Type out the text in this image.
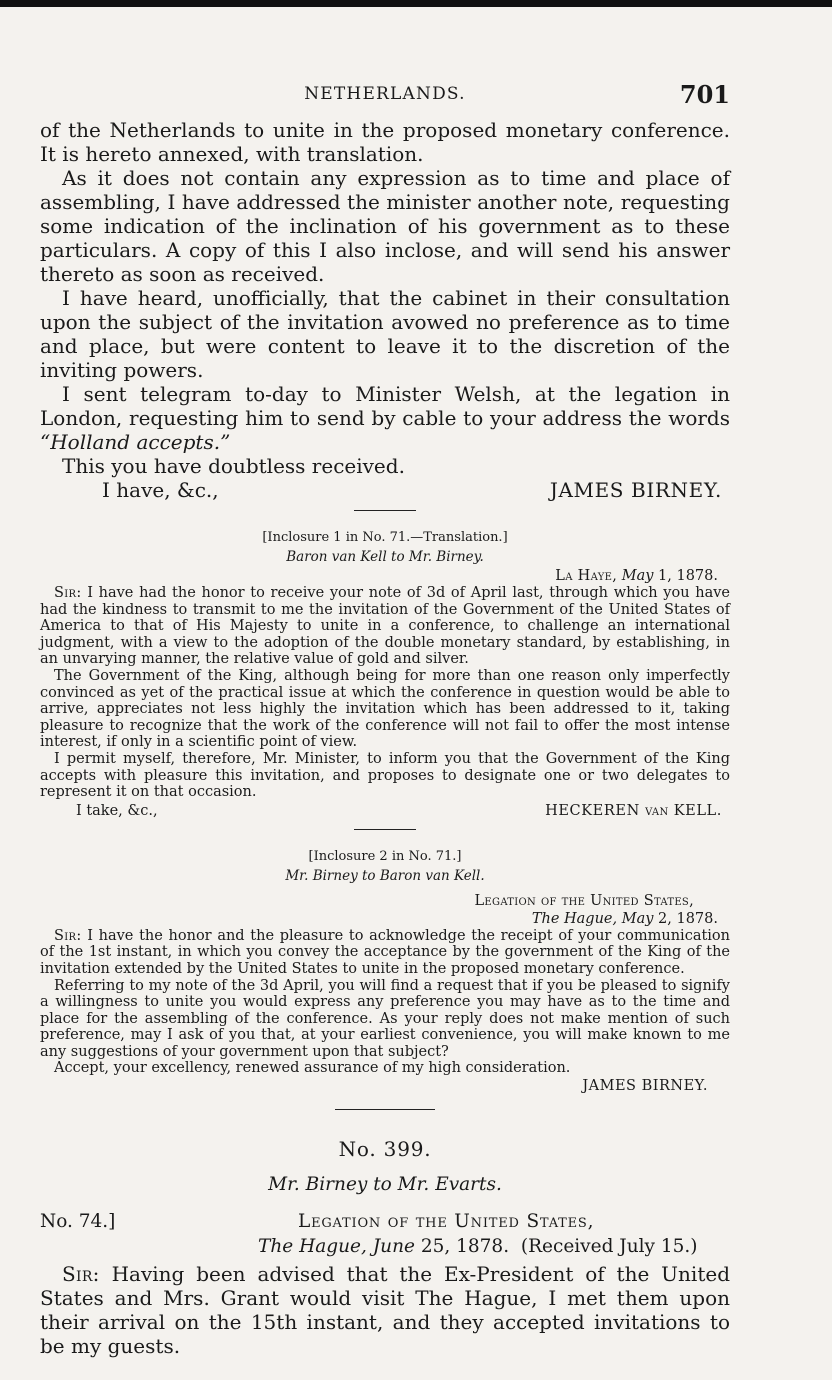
NETHERLANDS.	701

of the Netherlands to unite in the proposed monetary conference. It is hereto annexed, with translation.

As it does not contain any expression as to time and place of assembling, I have addressed the minister another note, requesting some indication of the inclination of his government as to these particulars. A copy of this I also inclose, and will send his answer thereto as soon as received.

I have heard, unofficially, that the cabinet in their consultation upon the subject of the invitation avowed no preference as to time and place, but were content to leave it to the discretion of the inviting powers.

I sent telegram to-day to Minister Welsh, at the legation in London, requesting him to send by cable to your address the words “Holland accepts.”

This you have doubtless received.

I have, &c.,	JAMES BIRNEY.
[Inclosure 1 in No. 71.—Translation.]
Baron van Kell to Mr. Birney.
La Haye, May 1, 1878.

Sir: I have had the honor to receive your note of 3d of April last, through which you have had the kindness to transmit to me the invitation of the Government of the United States of America to that of His Majesty to unite in a conference, to challenge an international judgment, with a view to the adoption of the double monetary standard, by establishing, in an unvarying manner, the relative value of gold and silver.

The Government of the King, although being for more than one reason only imperfectly convinced as yet of the practical issue at which the conference in question would be able to arrive, appreciates not less highly the invitation which has been addressed to it, taking pleasure to recognize that the work of the conference will not fail to offer the most intense interest, if only in a scientific point of view.

I permit myself, therefore, Mr. Minister, to inform you that the Government of the King accepts with pleasure this invitation, and proposes to designate one or two delegates to represent it on that occasion.

I take, &c.,	HECKEREN van KELL.
[Inclosure 2 in No. 71.]
Mr. Birney to Baron van Kell.
Legation of the United States,
The Hague, May 2, 1878.

Sir: I have the honor and the pleasure to acknowledge the receipt of your communication of the 1st instant, in which you convey the acceptance by the government of the King of the invitation extended by the United States to unite in the proposed monetary conference.

Referring to my note of the 3d April, you will find a request that if you be pleased to signify a willingness to unite you would express any preference you may have as to the time and place for the assembling of the conference. As your reply does not make mention of such preference, may I ask of you that, at your earliest convenience, you will make known to me any suggestions of your government upon that subject?

Accept, your excellency, renewed assurance of my high consideration.

JAMES BIRNEY.
No. 399.
Mr. Birney to Mr. Evarts.
No. 74.]	Legation of the United States,
The Hague, June 25, 1878. (Received July 15.)

Sir: Having been advised that the Ex-President of the United States and Mrs. Grant would visit The Hague, I met them upon their arrival on the 15th instant, and they accepted invitations to be my guests.
